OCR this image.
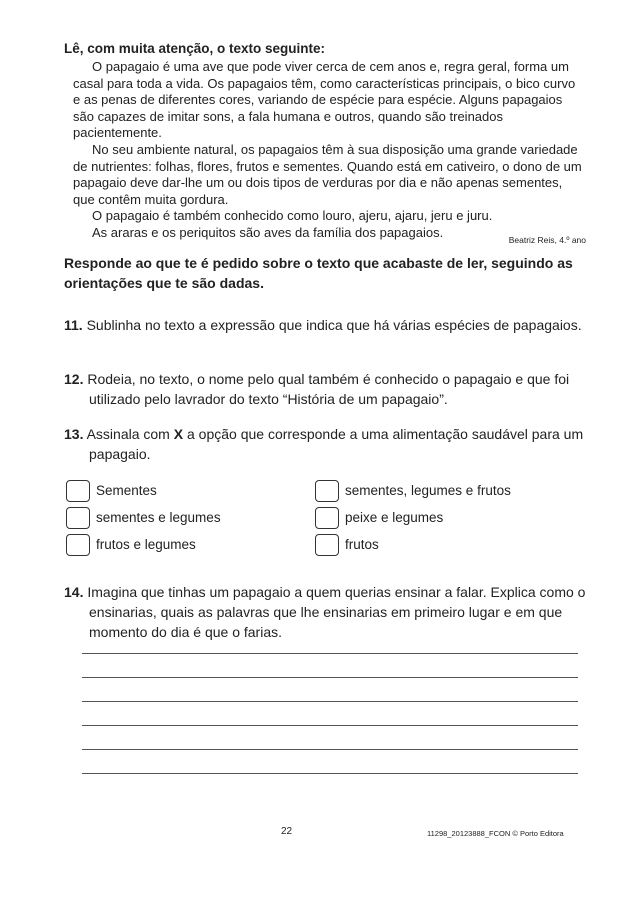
Lê, com muita atenção, o texto seguinte:

O papagaio é uma ave que pode viver cerca de cem anos e, regra geral, forma um casal para toda a vida. Os papagaios têm, como características principais, o bico curvo e as penas de diferentes cores, variando de espécie para espécie. Alguns papagaios são capazes de imitar sons, a fala humana e outros, quando são treinados pacientemente.

No seu ambiente natural, os papagaios têm à sua disposição uma grande variedade de nutrientes: folhas, flores, frutos e sementes. Quando está em cativeiro, o dono de um papagaio deve dar-lhe um ou dois tipos de verduras por dia e não apenas sementes, que contêm muita gordura.

O papagaio é também conhecido como louro, ajeru, ajaru, jeru e juru.

As araras e os periquitos são aves da família dos papagaios.

Beatriz Reis, 4.º ano
Responde ao que te é pedido sobre o texto que acabaste de ler, seguindo as orientações que te são dadas.
11. Sublinha no texto a expressão que indica que há várias espécies de papagaios.
12. Rodeia, no texto, o nome pelo qual também é conhecido o papagaio e que foi utilizado pelo lavrador do texto “História de um papagaio”.
13. Assinala com X a opção que corresponde a uma alimentação saudável para um papagaio.
Sementes
sementes e legumes
frutos e legumes
sementes, legumes e frutos
peixe e legumes
frutos
14. Imagina que tinhas um papagaio a quem querias ensinar a falar. Explica como o ensinarias, quais as palavras que lhe ensinarias em primeiro lugar e em que momento do dia é que o farias.
22	11298_20123888_FCON © Porto Editora
